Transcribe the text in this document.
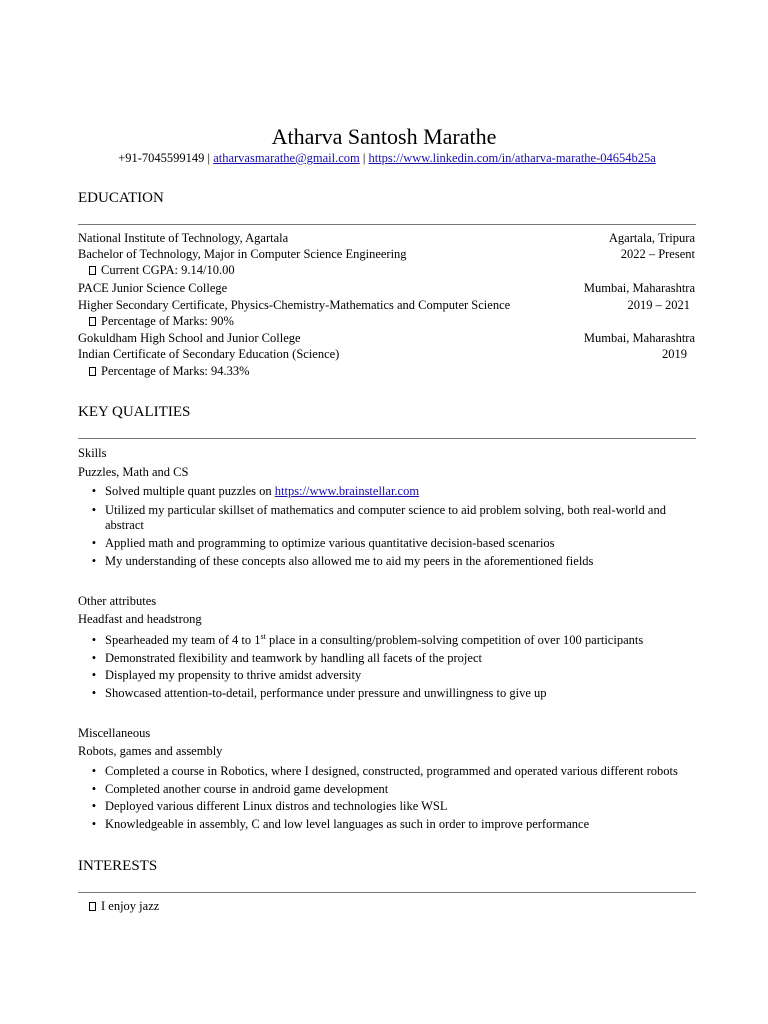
Atharva Santosh Marathe
+91-7045599149 | atharvasmarathe@gmail.com | https://www.linkedin.com/in/atharva-marathe-04654b25a
EDUCATION
National Institute of Technology, Agartala	Agartala, Tripura
Bachelor of Technology, Major in Computer Science Engineering	2022 – Present
Current CGPA: 9.14/10.00
PACE Junior Science College	Mumbai, Maharashtra
Higher Secondary Certificate, Physics-Chemistry-Mathematics and Computer Science	2019 – 2021
Percentage of Marks: 90%
Gokuldham High School and Junior College	Mumbai, Maharashtra
Indian Certificate of Secondary Education (Science)	2019
Percentage of Marks: 94.33%
KEY QUALITIES
Skills
Puzzles, Math and CS
• Solved multiple quant puzzles on https://www.brainstellar.com
• Utilized my particular skillset of mathematics and computer science to aid problem solving, both real-world and abstract
• Applied math and programming to optimize various quantitative decision-based scenarios
• My understanding of these concepts also allowed me to aid my peers in the aforementioned fields
Other attributes
Headfast and headstrong
• Spearheaded my team of 4 to 1st place in a consulting/problem-solving competition of over 100 participants
• Demonstrated flexibility and teamwork by handling all facets of the project
• Displayed my propensity to thrive amidst adversity
• Showcased attention-to-detail, performance under pressure and unwillingness to give up
Miscellaneous
Robots, games and assembly
• Completed a course in Robotics, where I designed, constructed, programmed and operated various different robots
• Completed another course in android game development
• Deployed various different Linux distros and technologies like WSL
• Knowledgeable in assembly, C and low level languages as such in order to improve performance
INTERESTS
I enjoy jazz
